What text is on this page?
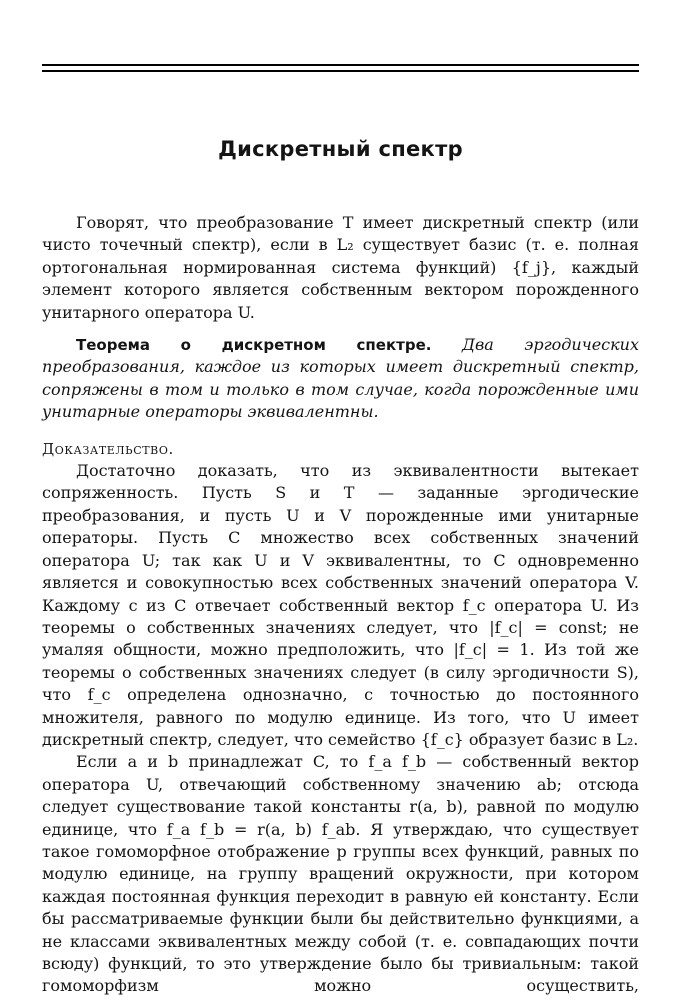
Дискретный спектр

Говорят, что преобразование T имеет дискретный спектр (или чисто точечный спектр), если в L₂ существует базис (т. е. полная ортогональная нормированная система функций) {f_j}, каждый элемент которого является собственным вектором порожденного унитарного оператора U.

Теорема о дискретном спектре. Два эргодических преобразования, каждое из которых имеет дискретный спектр, сопряжены в том и только в том случае, когда порожденные ими унитарные операторы эквивалентны.

Доказательство.

Достаточно доказать, что из эквивалентности вытекает сопряженность. Пусть S и T — заданные эргодические преобразования, и пусть U и V порожденные ими унитарные операторы. Пусть C множество всех собственных значений оператора U; так как U и V эквивалентны, то C одновременно является и совокупностью всех собственных значений оператора V. Каждому c из C отвечает собственный вектор f_c оператора U. Из теоремы о собственных значениях следует, что |f_c| = const; не умаляя общности, можно предположить, что |f_c| = 1. Из той же теоремы о собственных значениях следует (в силу эргодичности S), что f_c определена однозначно, с точностью до постоянного множителя, равного по модулю единице. Из того, что U имеет дискретный спектр, следует, что семейство {f_c} образует базис в L₂.

Если a и b принадлежат C, то f_a f_b — собственный вектор оператора U, отвечающий собственному значению ab; отсюда следует существование такой константы r(a, b), равной по модулю единице, что f_a f_b = r(a, b) f_ab. Я утверждаю, что существует такое гомоморфное отображение p группы всех функций, равных по модулю единице, на группу вращений окружности, при котором каждая постоянная функция переходит в равную ей константу. Если бы рассматриваемые функции были бы действительно функциями, а не классами эквивалентных между собой (т. е. совпадающих почти всюду) функций, то это утверждение было бы тривиальным: такой гомоморфизм можно осуществить,
